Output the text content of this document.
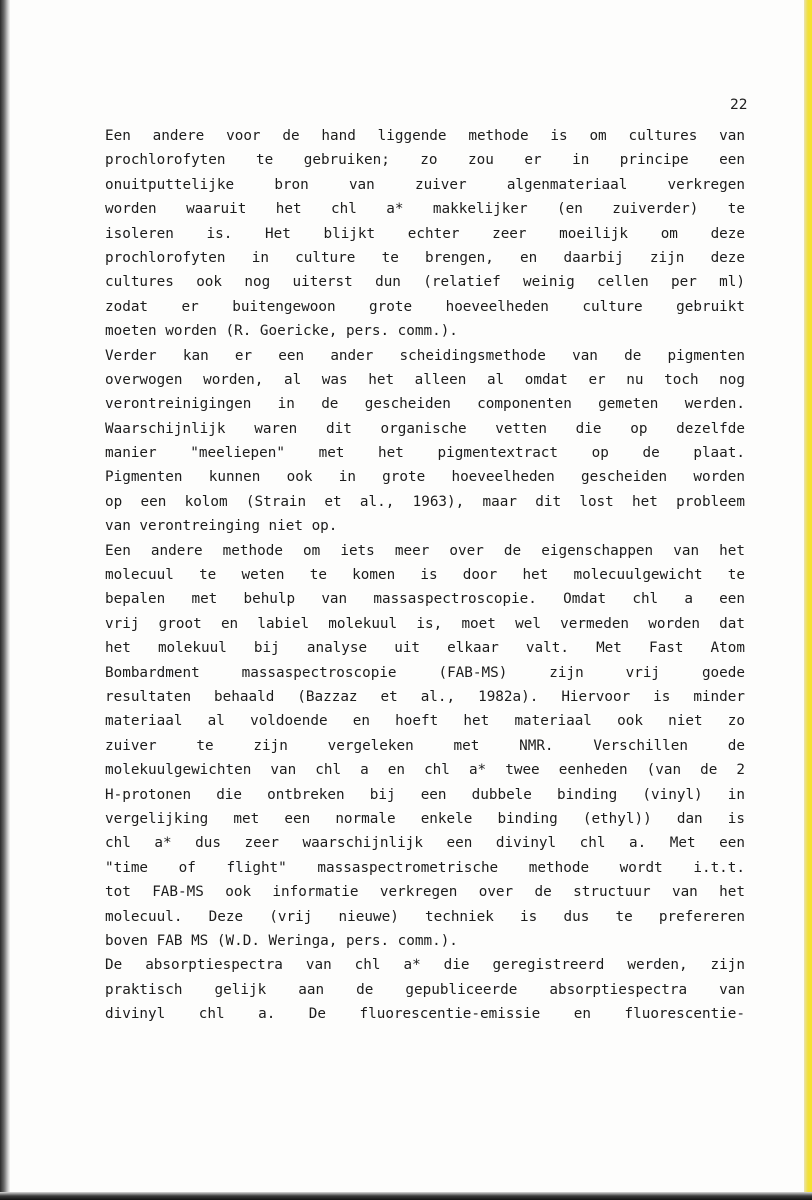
22
Een andere voor de hand liggende methode is om cultures van
prochlorofyten te gebruiken; zo zou er in principe een
onuitputtelijke bron van zuiver algenmateriaal verkregen
worden waaruit het chl a* makkelijker (en zuiverder) te
isoleren is. Het blijkt echter zeer moeilijk om deze
prochlorofyten in culture te brengen, en daarbij zijn deze
cultures ook nog uiterst dun (relatief weinig cellen per ml)
zodat er buitengewoon grote hoeveelheden culture gebruikt
moeten worden (R. Goericke, pers. comm.).
Verder kan er een ander scheidingsmethode van de pigmenten
overwogen worden, al was het alleen al omdat er nu toch nog
verontreinigingen in de gescheiden componenten gemeten werden.
Waarschijnlijk waren dit organische vetten die op dezelfde
manier "meeliepen" met het pigmentextract op de plaat.
Pigmenten kunnen ook in grote hoeveelheden gescheiden worden
op een kolom (Strain et al., 1963), maar dit lost het probleem
van verontreinging niet op.
Een andere methode om iets meer over de eigenschappen van het
molecuul te weten te komen is door het molecuulgewicht te
bepalen met behulp van massaspectroscopie. Omdat chl a een
vrij groot en labiel molekuul is, moet wel vermeden worden dat
het molekuul bij analyse uit elkaar valt. Met Fast Atom
Bombardment massaspectroscopie (FAB-MS) zijn vrij goede
resultaten behaald (Bazzaz et al., 1982a). Hiervoor is minder
materiaal al voldoende en hoeft het materiaal ook niet zo
zuiver te zijn vergeleken met NMR. Verschillen de
molekuulgewichten van chl a en chl a* twee eenheden (van de 2
H-protonen die ontbreken bij een dubbele binding (vinyl) in
vergelijking met een normale enkele binding (ethyl)) dan is
chl a* dus zeer waarschijnlijk een divinyl chl a. Met een
"time of flight" massaspectrometrische methode wordt i.t.t.
tot FAB-MS ook informatie verkregen over de structuur van het
molecuul. Deze (vrij nieuwe) techniek is dus te prefereren
boven FAB MS (W.D. Weringa, pers. comm.).
De absorptiespectra van chl a* die geregistreerd werden, zijn
praktisch gelijk aan de gepubliceerde absorptiespectra van
divinyl chl a. De fluorescentie-emissie en fluorescentie-
